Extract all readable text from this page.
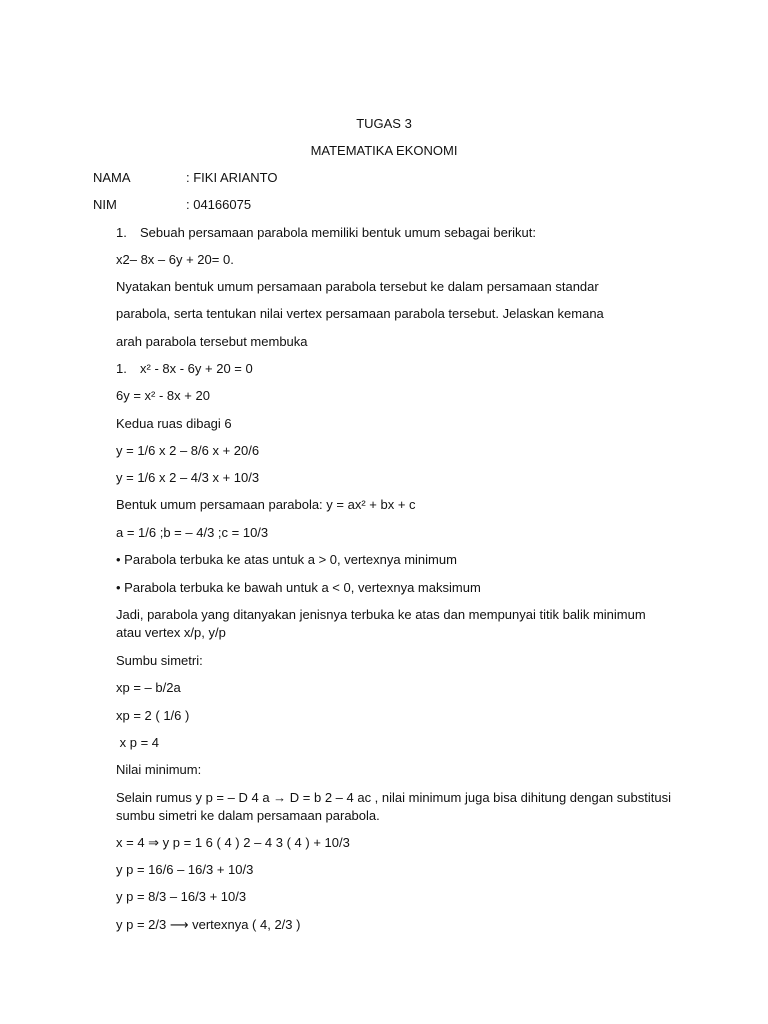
TUGAS 3
MATEMATIKA EKONOMI
NAMA	: FIKI ARIANTO
NIM	: 04166075
1. Sebuah persamaan parabola memiliki bentuk umum sebagai berikut:
x2– 8x – 6y + 20= 0.
Nyatakan bentuk umum persamaan parabola tersebut ke dalam persamaan standar
parabola, serta tentukan nilai vertex persamaan parabola tersebut. Jelaskan kemana
arah parabola tersebut membuka
1. x² - 8x - 6y + 20 = 0
6y = x² - 8x + 20
Kedua ruas dibagi 6
y = 1/6 x 2 – 8/6 x + 20/6
y = 1/6 x 2 – 4/3 x + 10/3
Bentuk umum persamaan parabola: y = ax² + bx + c
a = 1/6 ;b = – 4/3 ;c = 10/3
• Parabola terbuka ke atas untuk a > 0, vertexnya minimum
• Parabola terbuka ke bawah untuk a < 0, vertexnya maksimum
Jadi, parabola yang ditanyakan jenisnya terbuka ke atas dan mempunyai titik balik minimum atau vertex x/p, y/p
Sumbu simetri:
xp = – b/2a
xp = 2 ( 1/6 )
x p = 4
Nilai minimum:
Selain rumus y p = – D 4 a → D = b 2 – 4 ac , nilai minimum juga bisa dihitung dengan substitusi sumbu simetri ke dalam persamaan parabola.
x = 4 ⇒ y p = 1 6 ( 4 ) 2 – 4 3 ( 4 ) + 10/3
y p = 16/6 – 16/3 + 10/3
y p = 8/3 – 16/3 + 10/3
y p = 2/3 ⟶ vertexnya ( 4, 2/3 )
